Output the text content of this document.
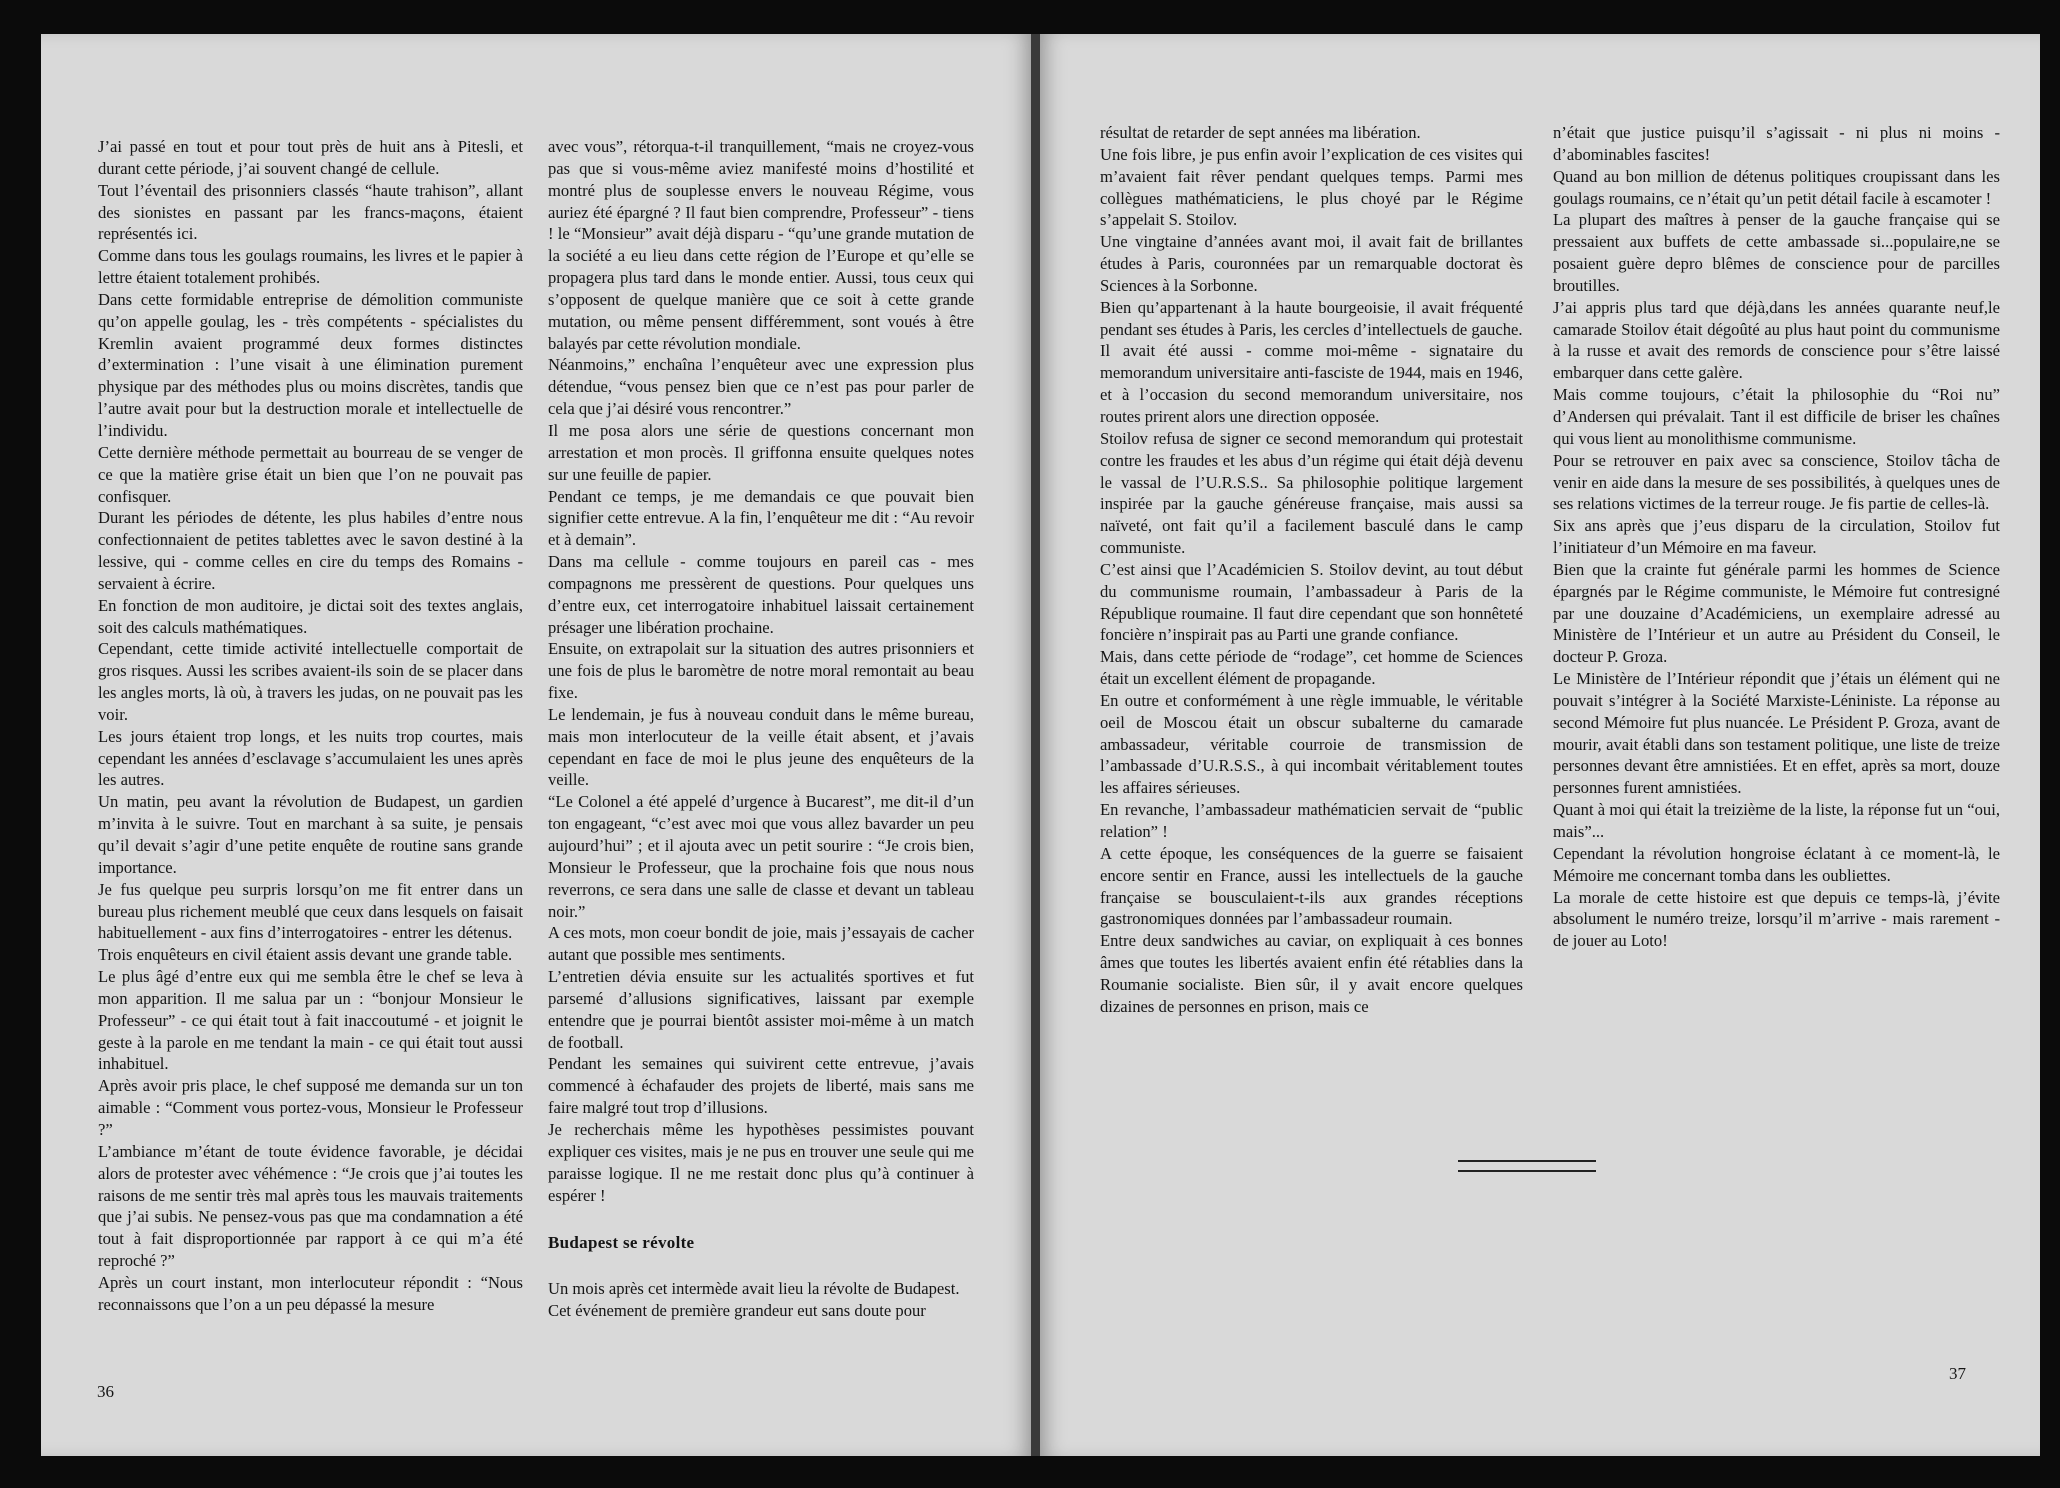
J’ai passé en tout et pour tout près de huit ans à Pitesli, et durant cette période, j’ai souvent changé de cellule.

Tout l’éventail des prisonniers classés “haute trahison”, allant des sionistes en passant par les francs-maçons, étaient représentés ici.

Comme dans tous les goulags roumains, les livres et le papier à lettre étaient totalement prohibés.

Dans cette formidable entreprise de démolition communiste qu’on appelle goulag, les - très compétents - spécialistes du Kremlin avaient programmé deux formes distinctes d’extermination : l’une visait à une élimination purement physique par des méthodes plus ou moins discrètes, tandis que l’autre avait pour but la destruction morale et intellectuelle de l’individu.

Cette dernière méthode permettait au bourreau de se venger de ce que la matière grise était un bien que l’on ne pouvait pas confisquer.

Durant les périodes de détente, les plus habiles d’entre nous confectionnaient de petites tablettes avec le savon destiné à la lessive, qui - comme celles en cire du temps des Romains - servaient à écrire.

En fonction de mon auditoire, je dictai soit des textes anglais, soit des calculs mathématiques.

Cependant, cette timide activité intellectuelle comportait de gros risques. Aussi les scribes avaient-ils soin de se placer dans les angles morts, là où, à travers les judas, on ne pouvait pas les voir.

Les jours étaient trop longs, et les nuits trop courtes, mais cependant les années d’esclavage s’accumulaient les unes après les autres.

Un matin, peu avant la révolution de Budapest, un gardien m’invita à le suivre. Tout en marchant à sa suite, je pensais qu’il devait s’agir d’une petite enquête de routine sans grande importance.

Je fus quelque peu surpris lorsqu’on me fit entrer dans un bureau plus richement meublé que ceux dans lesquels on faisait habituellement - aux fins d’interrogatoires - entrer les détenus.

Trois enquêteurs en civil étaient assis devant une grande table.

Le plus âgé d’entre eux qui me sembla être le chef se leva à mon apparition. Il me salua par un : “bonjour Monsieur le Professeur” - ce qui était tout à fait inaccoutumé - et joignit le geste à la parole en me tendant la main - ce qui était tout aussi inhabituel.

Après avoir pris place, le chef supposé me demanda sur un ton aimable : “Comment vous portez-vous, Monsieur le Professeur ?”

L’ambiance m’étant de toute évidence favorable, je décidai alors de protester avec véhémence : “Je crois que j’ai toutes les raisons de me sentir très mal après tous les mauvais traitements que j’ai subis. Ne pensez-vous pas que ma condamnation a été tout à fait disproportionnée par rapport à ce qui m’a été reproché ?”

Après un court instant, mon interlocuteur répondit : “Nous reconnaissons que l’on a un peu dépassé la mesure

avec vous”, rétorqua-t-il tranquillement, “mais ne croyez-vous pas que si vous-même aviez manifesté moins d’hostilité et montré plus de souplesse envers le nouveau Régime, vous auriez été épargné ? Il faut bien comprendre, Professeur” - tiens ! le “Monsieur” avait déjà disparu - “qu’une grande mutation de la société a eu lieu dans cette région de l’Europe et qu’elle se propagera plus tard dans le monde entier. Aussi, tous ceux qui s’opposent de quelque manière que ce soit à cette grande mutation, ou même pensent différemment, sont voués à être balayés par cette révolution mondiale.

Néanmoins,” enchaîna l’enquêteur avec une expression plus détendue, “vous pensez bien que ce n’est pas pour parler de cela que j’ai désiré vous rencontrer.”

Il me posa alors une série de questions concernant mon arrestation et mon procès. Il griffonna ensuite quelques notes sur une feuille de papier.

Pendant ce temps, je me demandais ce que pouvait bien signifier cette entrevue. A la fin, l’enquêteur me dit : “Au revoir et à demain”.

Dans ma cellule - comme toujours en pareil cas - mes compagnons me pressèrent de questions. Pour quelques uns d’entre eux, cet interrogatoire inhabituel laissait certainement présager une libération prochaine.

Ensuite, on extrapolait sur la situation des autres prisonniers et une fois de plus le baromètre de notre moral remontait au beau fixe.

Le lendemain, je fus à nouveau conduit dans le même bureau, mais mon interlocuteur de la veille était absent, et j’avais cependant en face de moi le plus jeune des enquêteurs de la veille.

“Le Colonel a été appelé d’urgence à Bucarest”, me dit-il d’un ton engageant, “c’est avec moi que vous allez bavarder un peu aujourd’hui” ; et il ajouta avec un petit sourire : “Je crois bien, Monsieur le Professeur, que la prochaine fois que nous nous reverrons, ce sera dans une salle de classe et devant un tableau noir.”

A ces mots, mon coeur bondit de joie, mais j’essayais de cacher autant que possible mes sentiments.

L’entretien dévia ensuite sur les actualités sportives et fut parsemé d’allusions significatives, laissant par exemple entendre que je pourrai bientôt assister moi-même à un match de football.

Pendant les semaines qui suivirent cette entrevue, j’avais commencé à échafauder des projets de liberté, mais sans me faire malgré tout trop d’illusions.

Je recherchais même les hypothèses pessimistes pouvant expliquer ces visites, mais je ne pus en trouver une seule qui me paraisse logique. Il ne me restait donc plus qu’à continuer à espérer !

Budapest se révolte

Un mois après cet intermède avait lieu la révolte de Budapest.

Cet événement de première grandeur eut sans doute pour

36

résultat de retarder de sept années ma libération.

Une fois libre, je pus enfin avoir l’explication de ces visites qui m’avaient fait rêver pendant quelques temps. Parmi mes collègues mathématiciens, le plus choyé par le Régime s’appelait S. Stoilov.

Une vingtaine d’années avant moi, il avait fait de brillantes études à Paris, couronnées par un remarquable doctorat ès Sciences à la Sorbonne.

Bien qu’appartenant à la haute bourgeoisie, il avait fréquenté pendant ses études à Paris, les cercles d’intellectuels de gauche.

Il avait été aussi - comme moi-même - signataire du memorandum universitaire anti-fasciste de 1944, mais en 1946, et à l’occasion du second memorandum universitaire, nos routes prirent alors une direction opposée.

Stoilov refusa de signer ce second memorandum qui protestait contre les fraudes et les abus d’un régime qui était déjà devenu le vassal de l’U.R.S.S.. Sa philosophie politique largement inspirée par la gauche généreuse française, mais aussi sa naïveté, ont fait qu’il a facilement basculé dans le camp communiste.

C’est ainsi que l’Académicien S. Stoilov devint, au tout début du communisme roumain, l’ambassadeur à Paris de la République roumaine. Il faut dire cependant que son honnêteté foncière n’inspirait pas au Parti une grande confiance.

Mais, dans cette période de “rodage”, cet homme de Sciences était un excellent élément de propagande.

En outre et conformément à une règle immuable, le véritable oeil de Moscou était un obscur subalterne du camarade ambassadeur, véritable courroie de transmission de l’ambassade d’U.R.S.S., à qui incombait véritablement toutes les affaires sérieuses.

En revanche, l’ambassadeur mathématicien servait de “public relation” !

A cette époque, les conséquences de la guerre se faisaient encore sentir en France, aussi les intellectuels de la gauche française se bousculaient-t-ils aux grandes réceptions gastronomiques données par l’ambassadeur roumain.

Entre deux sandwiches au caviar, on expliquait à ces bonnes âmes que toutes les libertés avaient enfin été rétablies dans la Roumanie socialiste. Bien sûr, il y avait encore quelques dizaines de personnes en prison, mais ce

n’était que justice puisqu’il s’agissait - ni plus ni moins - d’abominables fascites!

Quand au bon million de détenus politiques croupissant dans les goulags roumains, ce n’était qu’un petit détail facile à escamoter !

La plupart des maîtres à penser de la gauche française qui se pressaient aux buffets de cette ambassade si...populaire,ne se posaient guère depro blêmes de conscience pour de parcilles broutilles.

J’ai appris plus tard que déjà,dans les années quarante neuf,le camarade Stoilov était dégoûté au plus haut point du communisme à la russe et avait des remords de conscience pour s’être laissé embarquer dans cette galère.

Mais comme toujours, c’était la philosophie du “Roi nu” d’Andersen qui prévalait. Tant il est difficile de briser les chaînes qui vous lient au monolithisme communisme.

Pour se retrouver en paix avec sa conscience, Stoilov tâcha de venir en aide dans la mesure de ses possibilités, à quelques unes de ses relations victimes de la terreur rouge. Je fis partie de celles-là.

Six ans après que j’eus disparu de la circulation, Stoilov fut l’initiateur d’un Mémoire en ma faveur.

Bien que la crainte fut générale parmi les hommes de Science épargnés par le Régime communiste, le Mémoire fut contresigné par une douzaine d’Académiciens, un exemplaire adressé au Ministère de l’Intérieur et un autre au Président du Conseil, le docteur P. Groza.

Le Ministère de l’Intérieur répondit que j’étais un élément qui ne pouvait s’intégrer à la Société Marxiste-Léniniste. La réponse au second Mémoire fut plus nuancée. Le Président P. Groza, avant de mourir, avait établi dans son testament politique, une liste de treize personnes devant être amnistiées. Et en effet, après sa mort, douze personnes furent amnistiées.

Quant à moi qui était la treizième de la liste, la réponse fut un “oui, mais”...

Cependant la révolution hongroise éclatant à ce moment-là, le Mémoire me concernant tomba dans les oubliettes.

La morale de cette histoire est que depuis ce temps-là, j’évite absolument le numéro treize, lorsqu’il m’arrive - mais rarement - de jouer au Loto!

37
